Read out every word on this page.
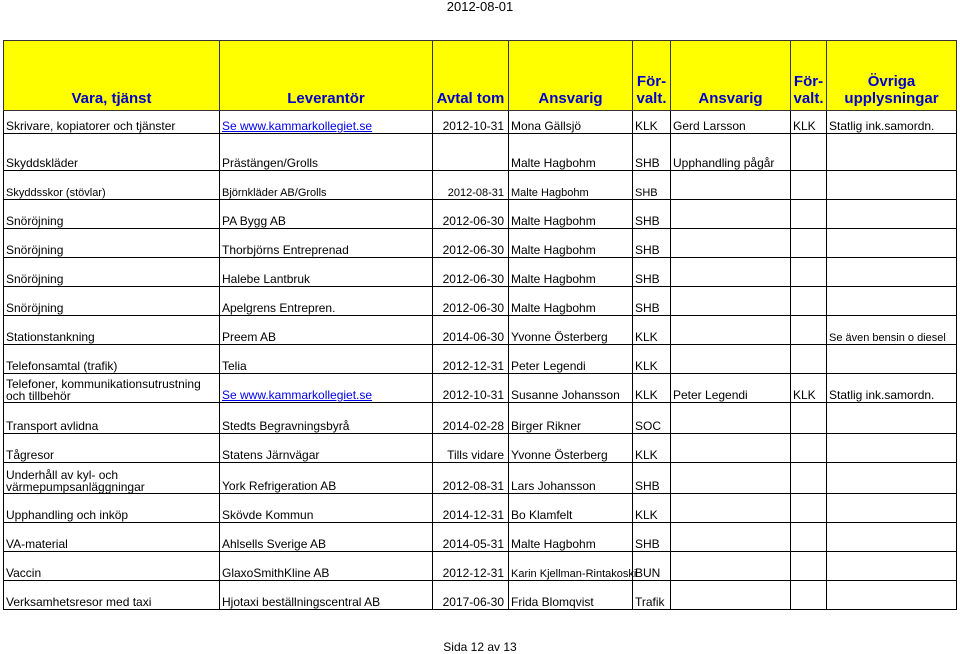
2012-08-01
Vara, tjänst	Leverantör	Avtal tom	Ansvarig	För-valt.	Ansvarig	För-valt.	Övriga upplysningar
Skrivare, kopiatorer och tjänster	Se www.kammarkollegiet.se	2012-10-31	Mona Gällsjö	KLK	Gerd Larsson	KLK	Statlig ink.samordn.
Skyddskläder	Prästängen/Grolls		Malte Hagbohm	SHB	Upphandling pågår		
Skyddsskor (stövlar)	Björnkläder AB/Grolls	2012-08-31	Malte Hagbohm	SHB			
Snöröjning	PA Bygg AB	2012-06-30	Malte Hagbohm	SHB			
Snöröjning	Thorbjörns Entreprenad	2012-06-30	Malte Hagbohm	SHB			
Snöröjning	Halebe Lantbruk	2012-06-30	Malte Hagbohm	SHB			
Snöröjning	Apelgrens Entrepren.	2012-06-30	Malte Hagbohm	SHB			
Stationstankning	Preem AB	2014-06-30	Yvonne Österberg	KLK			Se även bensin o diesel
Telefonsamtal (trafik)	Telia	2012-12-31	Peter Legendi	KLK			
Telefoner, kommunikationsutrustning och tillbehör	Se www.kammarkollegiet.se	2012-10-31	Susanne Johansson	KLK	Peter Legendi	KLK	Statlig ink.samordn.
Transport avlidna	Stedts Begravningsbyrå	2014-02-28	Birger Rikner	SOC			
Tågresor	Statens Järnvägar	Tills vidare	Yvonne Österberg	KLK			
Underhåll av kyl- och värmepumpsanläggningar	York Refrigeration AB	2012-08-31	Lars Johansson	SHB			
Upphandling och inköp	Skövde Kommun	2014-12-31	Bo Klamfelt	KLK			
VA-material	Ahlsells Sverige AB	2014-05-31	Malte Hagbohm	SHB			
Vaccin	GlaxoSmithKline AB	2012-12-31	Karin Kjellman-Rintakoski	BUN			
Verksamhetsresor med taxi	Hjotaxi beställningscentral AB	2017-06-30	Frida Blomqvist	Trafik			
Sida 12 av 13
